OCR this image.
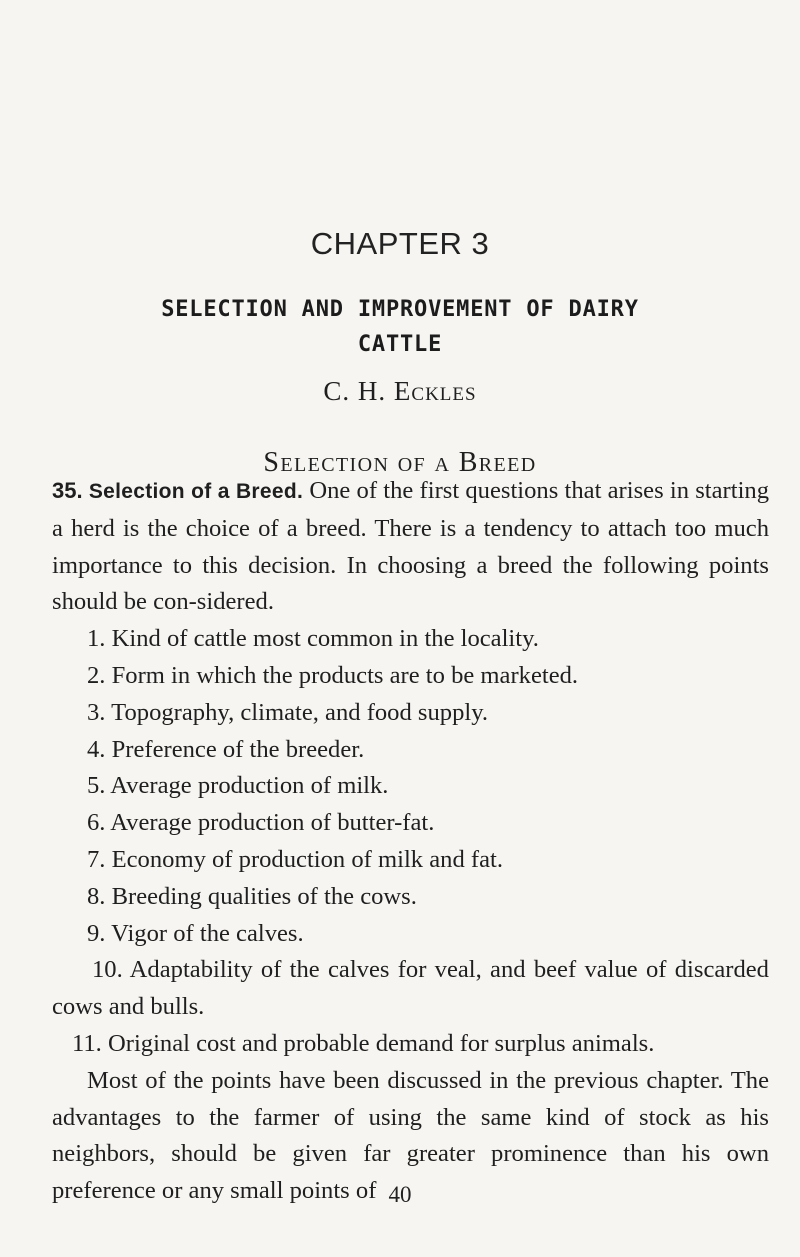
CHAPTER 3
SELECTION AND IMPROVEMENT OF DAIRY
CATTLE
C. H. Eckles
Selection of a Breed

35. Selection of a Breed. One of the first questions that arises in starting a herd is the choice of a breed. There is a tendency to attach too much importance to this decision. In choosing a breed the following points should be con-sidered.

1. Kind of cattle most common in the locality.
2. Form in which the products are to be marketed.
3. Topography, climate, and food supply.
4. Preference of the breeder.
5. Average production of milk.
6. Average production of butter-fat.
7. Economy of production of milk and fat.
8. Breeding qualities of the cows.
9. Vigor of the calves.
10. Adaptability of the calves for veal, and beef value of discarded cows and bulls.
11. Original cost and probable demand for surplus animals.

Most of the points have been discussed in the previous chapter. The advantages to the farmer of using the same kind of stock as his neighbors, should be given far greater prominence than his own preference or any small points of 40
